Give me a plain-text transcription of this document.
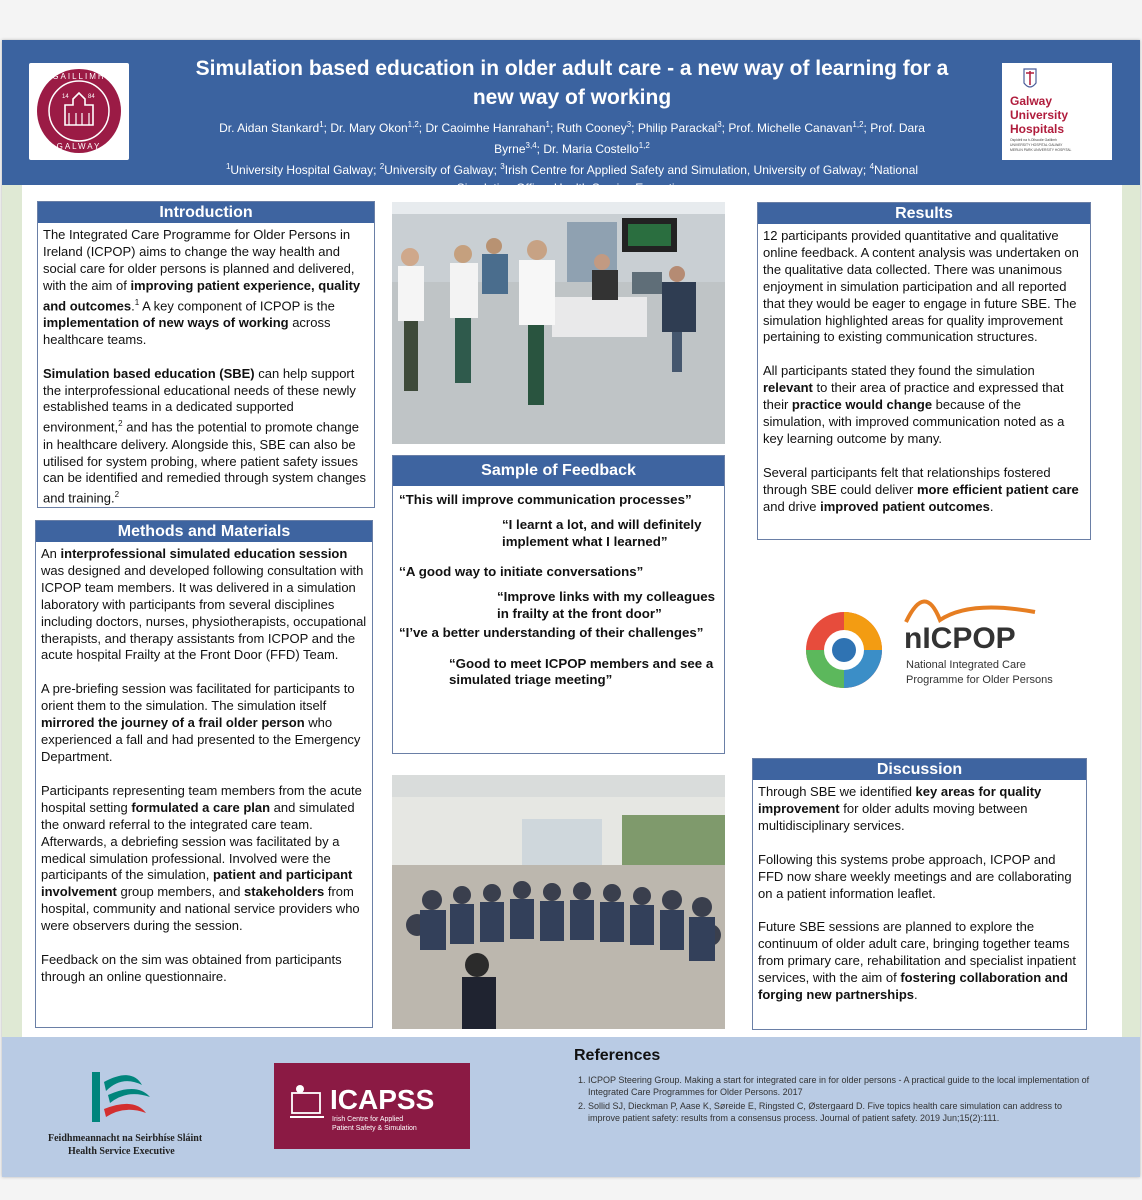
14	84
GAILLIMH
GALWAY
Simulation based education in older adult care - a new way of learning for a new way of working
Dr. Aidan Stankard$^1$; Dr. Mary Okon$^{1,2}$; Dr Caoimhe Hanrahan$^1$; Ruth Cooney$^3$; Philip Parackal$^3$; Prof. Michelle Canavan$^{1,2}$; Prof. Dara Byrne$^{3,4}$; Dr. Maria Costello$^{1,2}$
$^1$University Hospital Galway; $^2$University of Galway; $^3$Irish Centre for Applied Safety and Simulation, University of Galway; $^4$National
Galway
University
Hospitals
Ospidéil na h-Ollscoile Gaillimh
UNIVERSITY HOSPITAL GALWAY
MERLIN PARK UNIVERSITY HOSPITAL
Introduction

The Integrated Care Programme for Older Persons in Ireland (ICPOP) aims to change the way health and social care for older persons is planned and delivered, with the aim of improving patient experience, quality and outcomes.$^1$ A key component of ICPOP is the implementation of new ways of working across healthcare teams.

Simulation based education (SBE) can help support the interprofessional educational needs of these newly established teams in a dedicated supported environment,$^2$ and has the potential to promote change in healthcare delivery. Alongside this, SBE can also be utilised for system probing, where patient safety issues can be identified and remedied through system changes and training.$^2$

Methods and Materials

An interprofessional simulated education session was designed and developed following consultation with ICPOP team members. It was delivered in a simulation laboratory with participants from several disciplines including doctors, nurses, physiotherapists, occupational therapists, and therapy assistants from ICPOP and the acute hospital Frailty at the Front Door (FFD) Team.

A pre-briefing session was facilitated for participants to orient them to the simulation. The simulation itself mirrored the journey of a frail older person who experienced a fall and had presented to the Emergency Department.

Participants representing team members from the acute hospital setting formulated a care plan and simulated the onward referral to the integrated care team. Afterwards, a debriefing session was facilitated by a medical simulation professional. Involved were the participants of the simulation, patient and participant involvement group members, and stakeholders from hospital, community and national service providers who were observers during the session.

Feedback on the sim was obtained from participants through an online questionnaire.

Sample of Feedback
“This will improve communication processes”
“I learnt a lot, and will definitely implement what I learned”
‘‘A good way to initiate conversations”
“Improve links with my colleagues in frailty at the front door”
“I’ve a better understanding of their challenges”
“Good to meet ICPOP members and see a simulated triage meeting”
Results

12 participants provided quantitative and qualitative online feedback. A content analysis was undertaken on the qualitative data collected. There was unanimous enjoyment in simulation participation and all reported that they would be eager to engage in future SBE. The simulation highlighted areas for quality improvement pertaining to existing communication structures.

All participants stated they found the simulation relevant to their area of practice and expressed that their practice would change because of the simulation, with improved communication noted as a key learning outcome by many.

Several participants felt that relationships fostered through SBE could deliver more efficient patient care and drive improved patient outcomes.

nICPOP
National Integrated Care
Programme for Older Persons
Discussion

Through SBE we identified key areas for quality improvement for older adults moving between multidisciplinary services.

Following this systems probe approach, ICPOP and FFD now share weekly meetings and are collaborating on a patient information leaflet.

Future SBE sessions are planned to explore the continuum of older adult care, bringing together teams from primary care, rehabilitation and specialist inpatient services, with the aim of fostering collaboration and forging new partnerships.

Feidhmeannacht na Seirbhíse Sláinte
Health Service Executive
ICAPSS
Irish Centre for Applied
Patient Safety & Simulation
References
1. ICPOP Steering Group. Making a start for integrated care in for older persons - A practical guide to the local implementation of Integrated Care Programmes for Older Persons. 2017
2. Sollid SJ, Dieckman P, Aase K, Søreide E, Ringsted C, Østergaard D. Five topics health care simulation can address to improve patient safety: results from a consensus process. Journal of patient safety. 2019 Jun;15(2):111.
